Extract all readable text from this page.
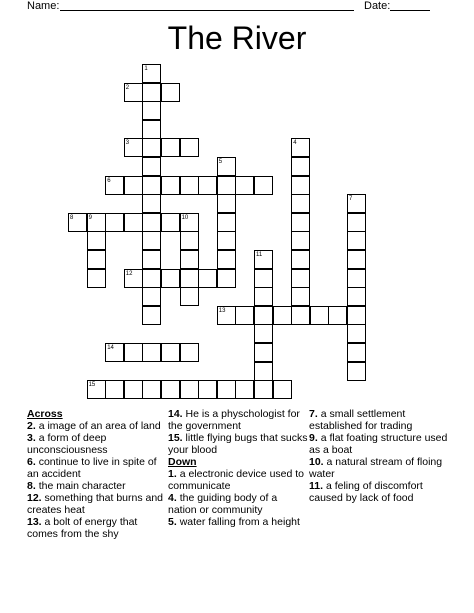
Name:	Date:
The River
1
2
3	4
5
6
7
8	9	10
11
12
13
14
15
Across
2. a image of an area of land
3. a form of deep unconsciousness
6. continue to live in spite of an accident
8. the main character
12. something that burns and creates heat
13. a bolt of energy that comes from the shy
14. He is a physchologist for the government
15. little flying bugs that sucks your blood
Down
1. a electronic device used to communicate
4. the guiding body of a nation or community
5. water falling from a height
7. a small settlement established for trading
9. a flat foating structure used as a boat
10. a natural stream of floing water
11. a feling of discomfort caused by lack of food
